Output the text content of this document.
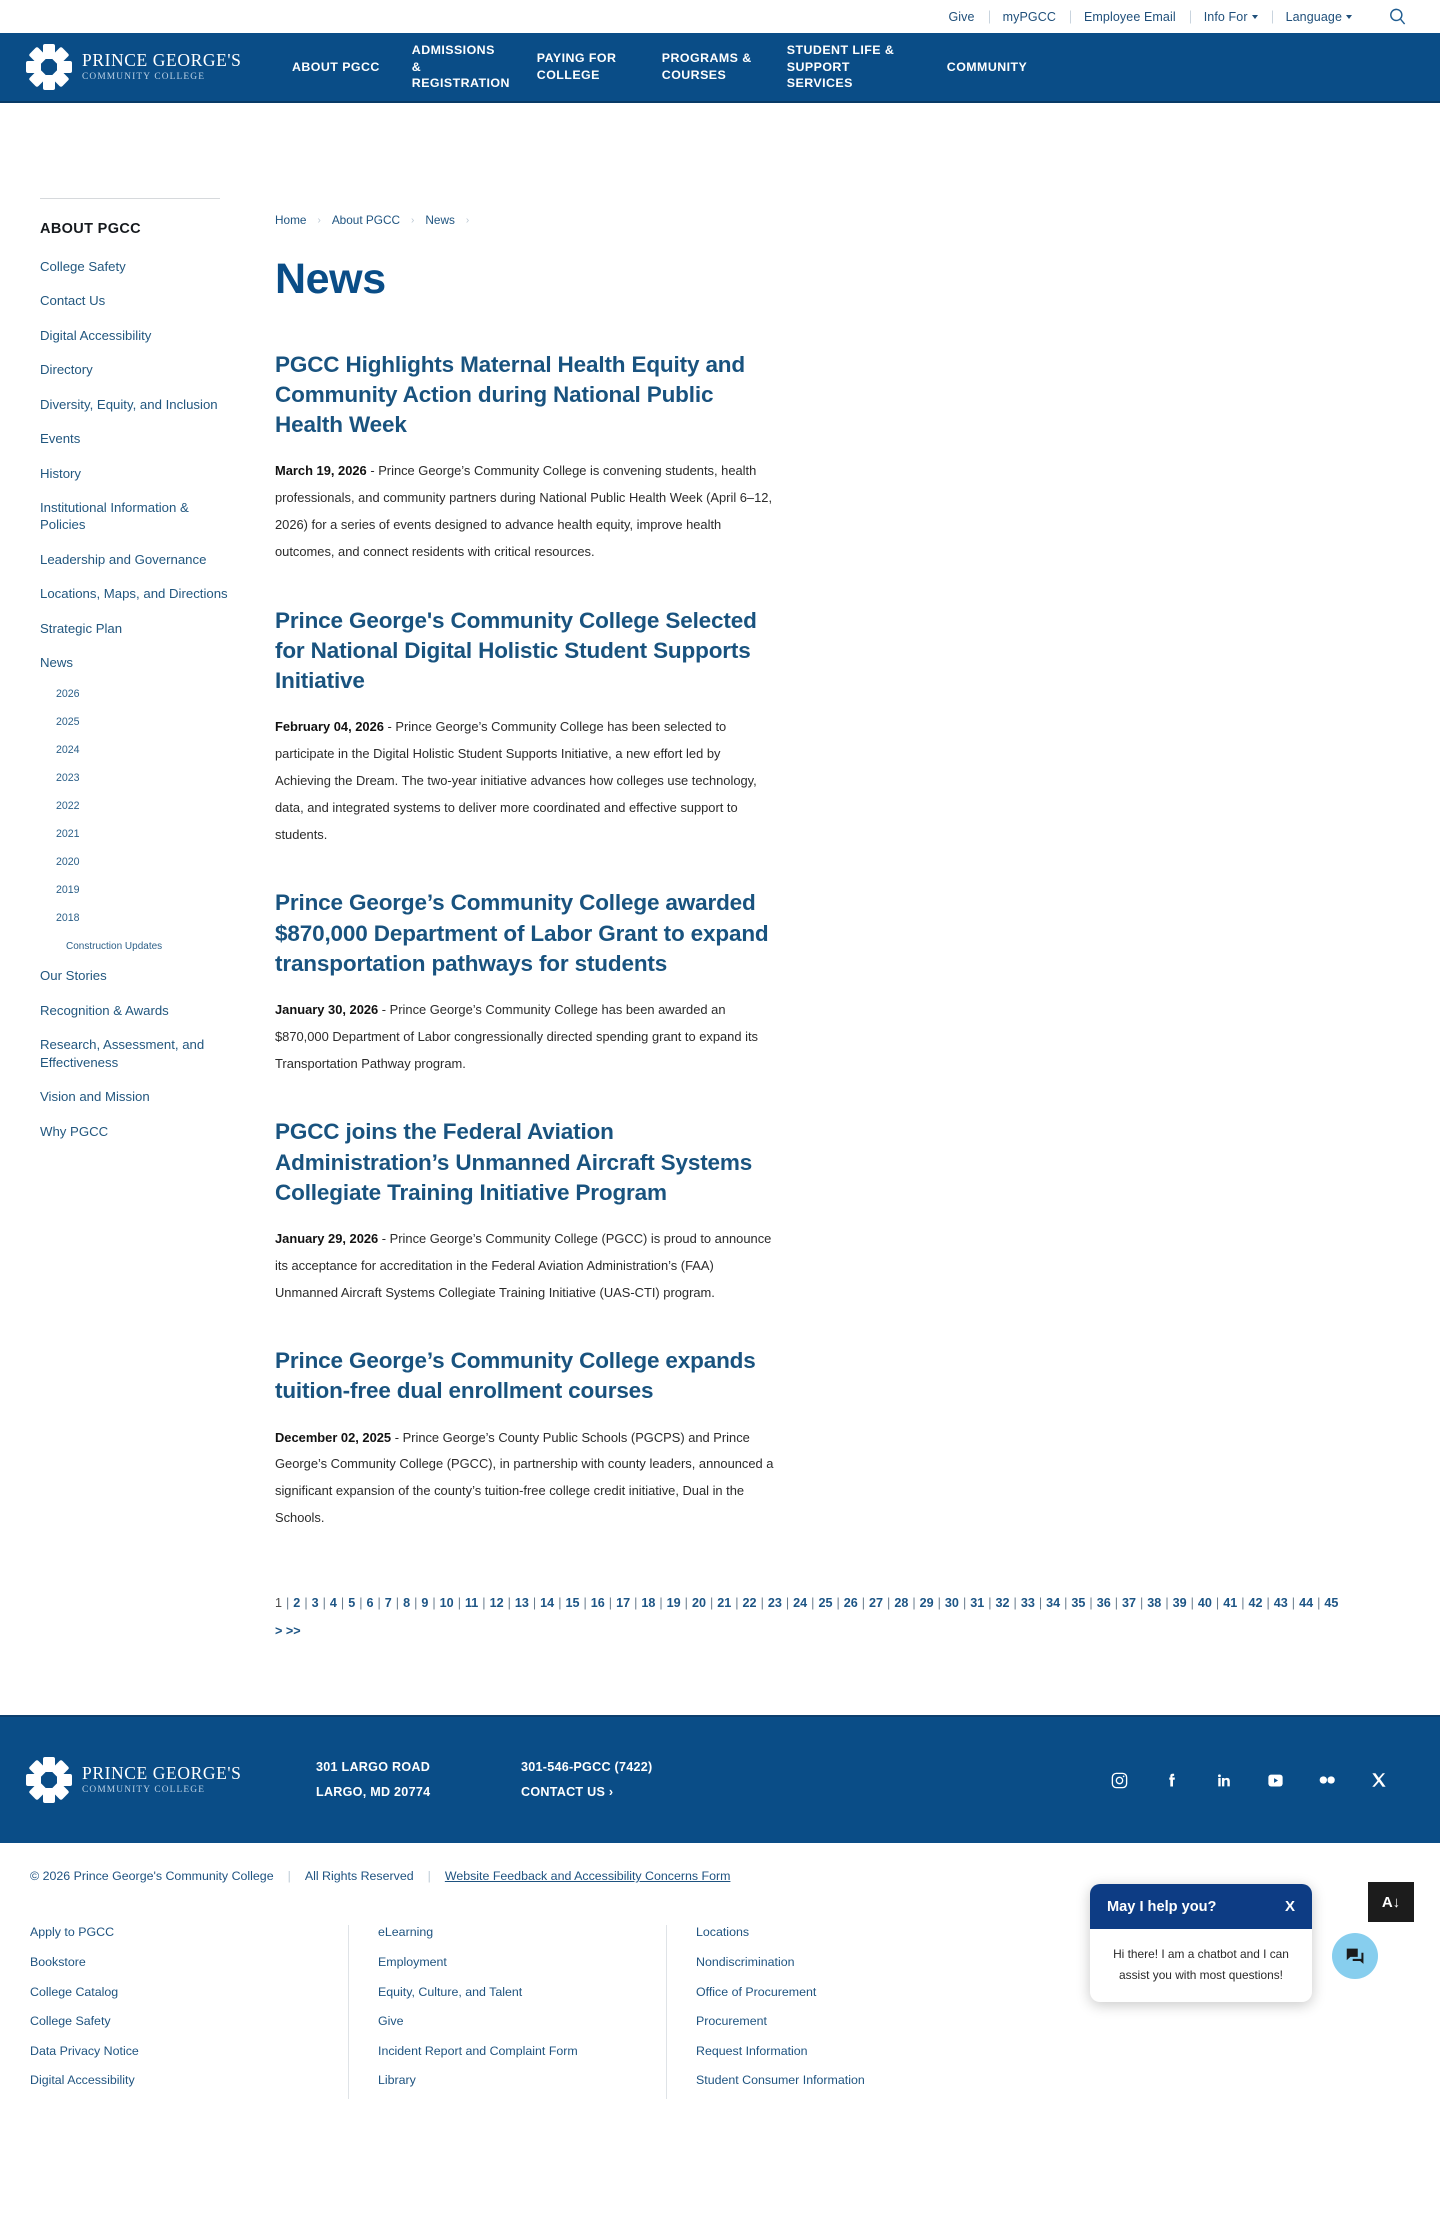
Give	myPGCC	Employee Email	Info For	Language
PRINCE GEORGE'S
COMMUNITY COLLEGE
ABOUT PGCC
ADMISSIONS & REGISTRATION
PAYING FOR COLLEGE
PROGRAMS & COURSES
STUDENT LIFE & SUPPORT SERVICES
COMMUNITY
ABOUT PGCC
College Safety
Contact Us
Digital Accessibility
Directory
Diversity, Equity, and Inclusion
Events
History
Institutional Information & Policies
Leadership and Governance
Locations, Maps, and Directions
Strategic Plan
News
2026
2025
2024
2023
2022
2021
2020
2019
2018
Construction Updates
Our Stories
Recognition & Awards
Research, Assessment, and Effectiveness
Vision and Mission
Why PGCC
Home › About PGCC › News ›
News
PGCC Highlights Maternal Health Equity and Community Action during National Public Health Week

March 19, 2026 - Prince George’s Community College is convening students, health professionals, and community partners during National Public Health Week (April 6–12, 2026) for a series of events designed to advance health equity, improve health outcomes, and connect residents with critical resources.

Prince George's Community College Selected for National Digital Holistic Student Supports Initiative

February 04, 2026 - Prince George’s Community College has been selected to participate in the Digital Holistic Student Supports Initiative, a new effort led by Achieving the Dream. The two-year initiative advances how colleges use technology, data, and integrated systems to deliver more coordinated and effective support to students.

Prince George’s Community College awarded $870,000 Department of Labor Grant to expand transportation pathways for students

January 30, 2026 - Prince George’s Community College has been awarded an $870,000 Department of Labor congressionally directed spending grant to expand its Transportation Pathway program.

PGCC joins the Federal Aviation Administration’s Unmanned Aircraft Systems Collegiate Training Initiative Program

January 29, 2026 - Prince George’s Community College (PGCC) is proud to announce its acceptance for accreditation in the Federal Aviation Administration’s (FAA) Unmanned Aircraft Systems Collegiate Training Initiative (UAS-CTI) program.

Prince George’s Community College expands tuition-free dual enrollment courses

December 02, 2025 - Prince George’s County Public Schools (PGCPS) and Prince George’s Community College (PGCC), in partnership with county leaders, announced a significant expansion of the county’s tuition-free college credit initiative, Dual in the Schools.

1 | 2 | 3 | 4 | 5 | 6 | 7 | 8 | 9 | 10 | 11 | 12 | 13 | 14 | 15 | 16 | 17 | 18 | 19 | 20 | 21 | 22 | 23 | 24 | 25 | 26 | 27 | 28 | 29 | 30 | 31 | 32 | 33 | 34 | 35 | 36 | 37 | 38 | 39 | 40 | 41 | 42 | 43 | 44 | 45 > >>
PRINCE GEORGE'S
COMMUNITY COLLEGE
301 LARGO ROAD
LARGO, MD 20774
301-546-PGCC (7422)
CONTACT US ›
© 2026 Prince George's Community College | All Rights Reserved | Website Feedback and Accessibility Concerns Form
Apply to PGCC
Bookstore
College Catalog
College Safety
Data Privacy Notice
Digital Accessibility
eLearning
Employment
Equity, Culture, and Talent
Give
Incident Report and Complaint Form
Library
Locations
Nondiscrimination
Office of Procurement
Procurement
Request Information
Student Consumer Information
May I help you?	X
Hi there! I am a chatbot and I can assist you with most questions!
A↓
